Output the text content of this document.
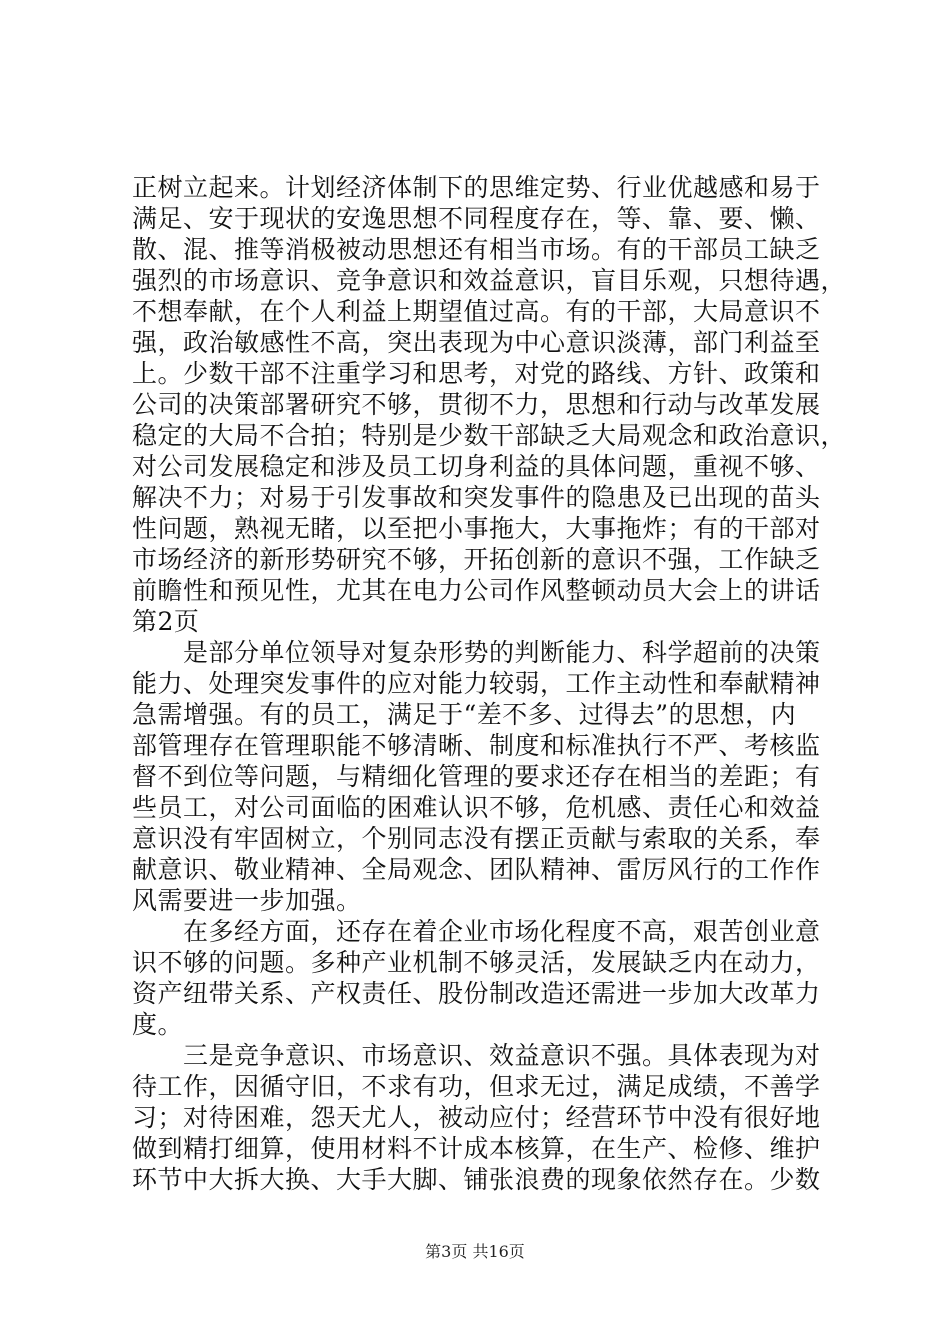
正树立起来。计划经济体制下的思维定势、行业优越感和易于
满足、安于现状的安逸思想不同程度存在，等、靠、要、懒、
散、混、推等消极被动思想还有相当市场。有的干部员工缺乏
强烈的市场意识、竞争意识和效益意识，盲目乐观，只想待遇，
不想奉献，在个人利益上期望值过高。有的干部，大局意识不
强，政治敏感性不高，突出表现为中心意识淡薄，部门利益至
上。少数干部不注重学习和思考，对党的路线、方针、政策和
公司的决策部署研究不够，贯彻不力，思想和行动与改革发展
稳定的大局不合拍；特别是少数干部缺乏大局观念和政治意识，
对公司发展稳定和涉及员工切身利益的具体问题，重视不够、
解决不力；对易于引发事故和突发事件的隐患及已出现的苗头
性问题，熟视无睹，以至把小事拖大，大事拖炸；有的干部对
市场经济的新形势研究不够，开拓创新的意识不强，工作缺乏
前瞻性和预见性，尤其在电力公司作风整顿动员大会上的讲话
第2页
　　是部分单位领导对复杂形势的判断能力、科学超前的决策
能力、处理突发事件的应对能力较弱，工作主动性和奉献精神
急需增强。有的员工，满足于“差不多、过得去”的思想，内
部管理存在管理职能不够清晰、制度和标准执行不严、考核监
督不到位等问题，与精细化管理的要求还存在相当的差距；有
些员工，对公司面临的困难认识不够，危机感、责任心和效益
意识没有牢固树立，个别同志没有摆正贡献与索取的关系，奉
献意识、敬业精神、全局观念、团队精神、雷厉风行的工作作
风需要进一步加强。
　　在多经方面，还存在着企业市场化程度不高，艰苦创业意
识不够的问题。多种产业机制不够灵活，发展缺乏内在动力，
资产纽带关系、产权责任、股份制改造还需进一步加大改革力
度。
　　三是竞争意识、市场意识、效益意识不强。具体表现为对
待工作，因循守旧，不求有功，但求无过，满足成绩，不善学
习；对待困难，怨天尤人，被动应付；经营环节中没有很好地
做到精打细算，使用材料不计成本核算，在生产、检修、维护
环节中大拆大换、大手大脚、铺张浪费的现象依然存在。少数
第3页 共16页
